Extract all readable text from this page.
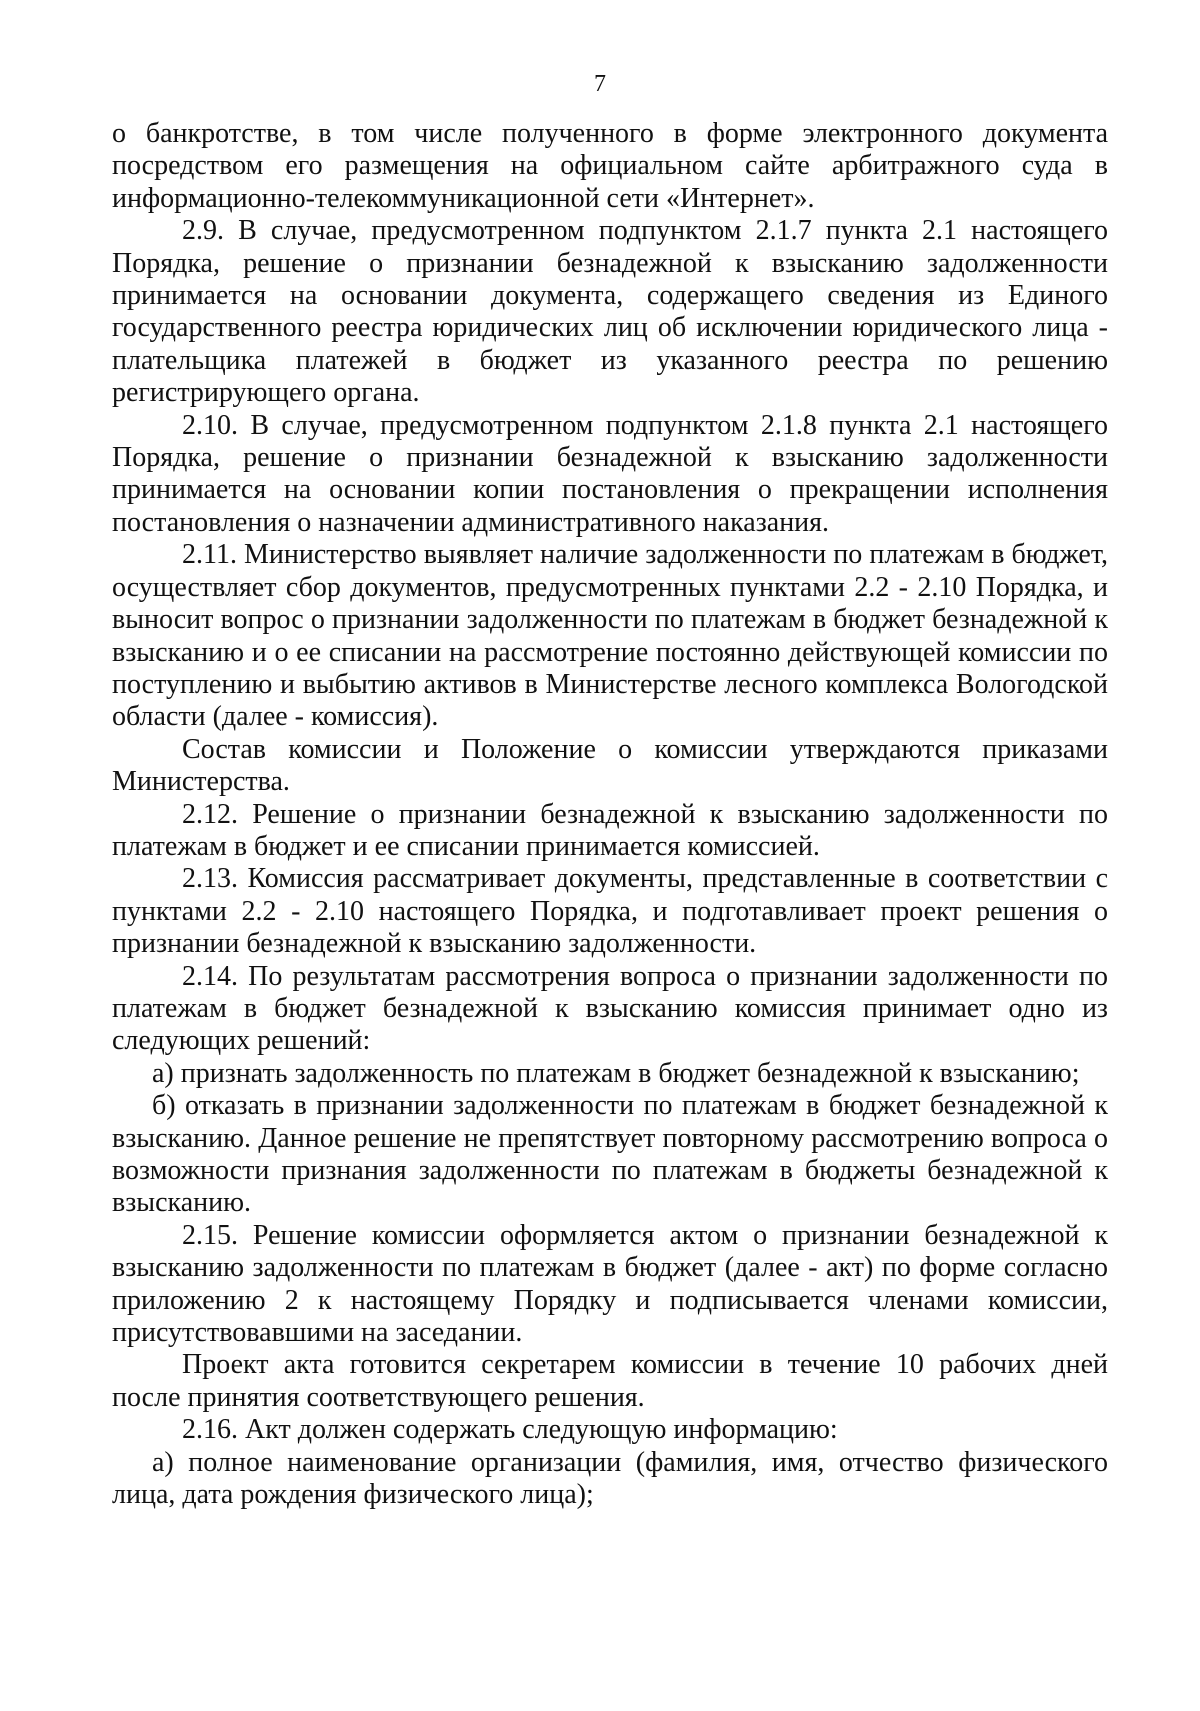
7

о банкротстве, в том числе полученного в форме электронного документа посредством его размещения на официальном сайте арбитражного суда в информационно-телекоммуникационной сети «Интернет».

2.9. В случае, предусмотренном подпунктом 2.1.7 пункта 2.1 настоящего Порядка, решение о признании безнадежной к взысканию задолженности принимается на основании документа, содержащего сведения из Единого государственного реестра юридических лиц об исключении юридического лица - плательщика платежей в бюджет из указанного реестра по решению регистрирующего органа.

2.10. В случае, предусмотренном подпунктом 2.1.8 пункта 2.1 настоящего Порядка, решение о признании безнадежной к взысканию задолженности принимается на основании копии постановления о прекращении исполнения постановления о назначении административного наказания.

2.11. Министерство выявляет наличие задолженности по платежам в бюджет, осуществляет сбор документов, предусмотренных пунктами 2.2 - 2.10 Порядка, и выносит вопрос о признании задолженности по платежам в бюджет безнадежной к взысканию и о ее списании на рассмотрение постоянно действующей комиссии по поступлению и выбытию активов в Министерстве лесного комплекса Вологодской области (далее - комиссия).

Состав комиссии и Положение о комиссии утверждаются приказами Министерства.

2.12. Решение о признании безнадежной к взысканию задолженности по платежам в бюджет и ее списании принимается комиссией.

2.13. Комиссия рассматривает документы, представленные в соответствии с пунктами 2.2 - 2.10 настоящего Порядка, и подготавливает проект решения о признании безнадежной к взысканию задолженности.

2.14. По результатам рассмотрения вопроса о признании задолженности по платежам в бюджет безнадежной к взысканию комиссия принимает одно из следующих решений:

а) признать задолженность по платежам в бюджет безнадежной к взысканию;

б) отказать в признании задолженности по платежам в бюджет безнадежной к взысканию. Данное решение не препятствует повторному рассмотрению вопроса о возможности признания задолженности по платежам в бюджеты безнадежной к взысканию.

2.15. Решение комиссии оформляется актом о признании безнадежной к взысканию задолженности по платежам в бюджет (далее - акт) по форме согласно приложению 2 к настоящему Порядку и подписывается членами комиссии, присутствовавшими на заседании.

Проект акта готовится секретарем комиссии в течение 10 рабочих дней после принятия соответствующего решения.

2.16. Акт должен содержать следующую информацию:

а) полное наименование организации (фамилия, имя, отчество физического лица, дата рождения физического лица);
